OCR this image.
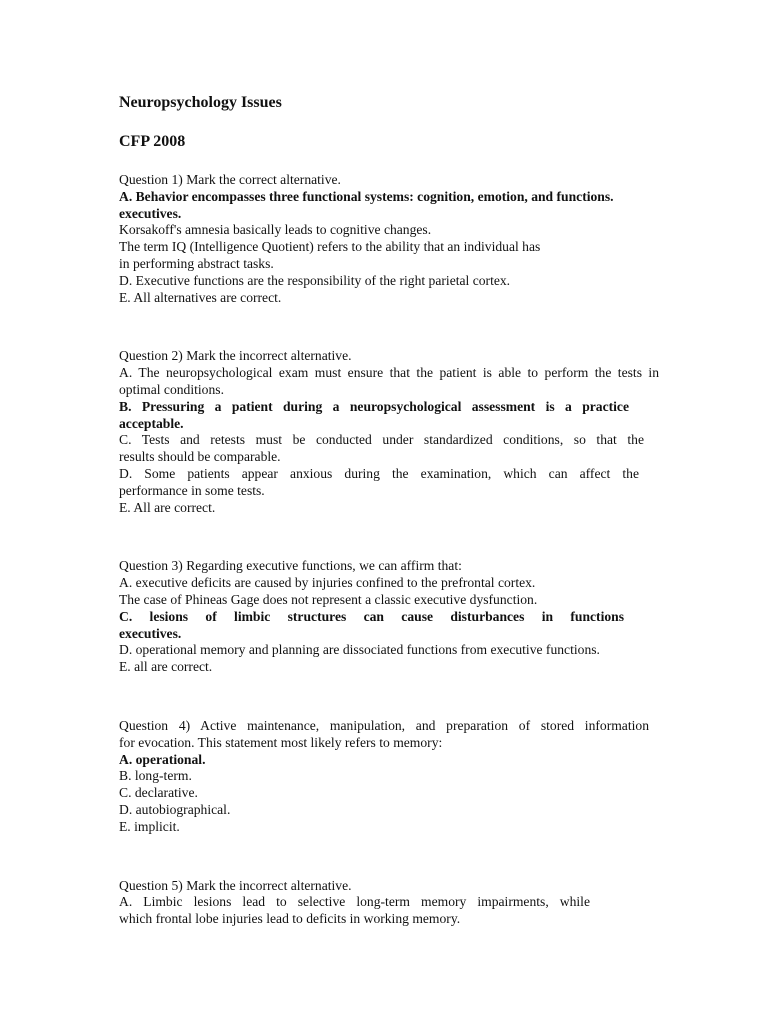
Neuropsychology Issues
CFP 2008
Question 1) Mark the correct alternative.
A. Behavior encompasses three functional systems: cognition, emotion, and functions.
executives.
Korsakoff's amnesia basically leads to cognitive changes.
The term IQ (Intelligence Quotient) refers to the ability that an individual has
in performing abstract tasks.
D. Executive functions are the responsibility of the right parietal cortex.
E. All alternatives are correct.
Question 2) Mark the incorrect alternative.
A. The neuropsychological exam must ensure that the patient is able to perform the tests in
optimal conditions.
B. Pressuring a patient during a neuropsychological assessment is a practice
acceptable.
C. Tests and retests must be conducted under standardized conditions, so that the
results should be comparable.
D. Some patients appear anxious during the examination, which can affect the
performance in some tests.
E. All are correct.
Question 3) Regarding executive functions, we can affirm that:
A. executive deficits are caused by injuries confined to the prefrontal cortex.
The case of Phineas Gage does not represent a classic executive dysfunction.
C. lesions of limbic structures can cause disturbances in functions
executives.
D. operational memory and planning are dissociated functions from executive functions.
E. all are correct.
Question 4) Active maintenance, manipulation, and preparation of stored information
for evocation. This statement most likely refers to memory:
A. operational.
B. long-term.
C. declarative.
D. autobiographical.
E. implicit.
Question 5) Mark the incorrect alternative.
A. Limbic lesions lead to selective long-term memory impairments, while
which frontal lobe injuries lead to deficits in working memory.
